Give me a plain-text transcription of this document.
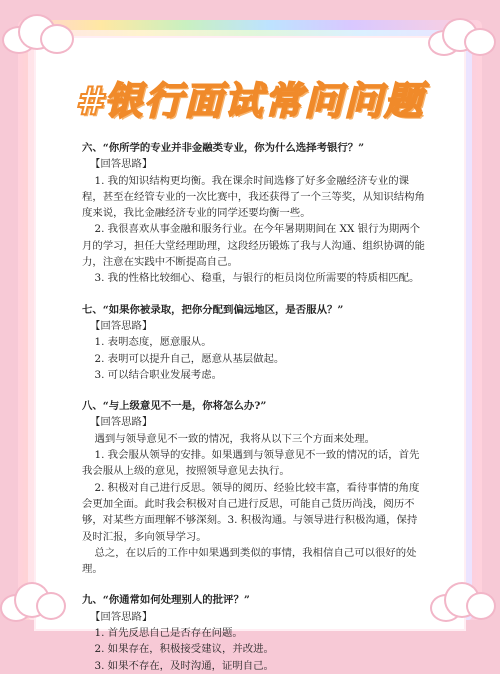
#银行面试常问问题

六、“你所学的专业并非金融类专业，你为什么选择考银行？”

【回答思路】

1. 我的知识结构更均衡。我在课余时间选修了好多金融经济专业的课程，甚至在经管专业的一次比赛中，我还获得了一个三等奖，从知识结构角度来说，我比金融经济专业的同学还要均衡一些。

2. 我很喜欢从事金融和服务行业。在今年暑期期间在 XX 银行为期两个月的学习，担任大堂经理助理，这段经历锻炼了我与人沟通、组织协调的能力，注意在实践中不断提高自己。

3. 我的性格比较细心、稳重，与银行的柜员岗位所需要的特质相匹配。

七、“如果你被录取，把你分配到偏远地区，是否服从？”

【回答思路】

1. 表明态度，愿意服从。

2. 表明可以提升自己，愿意从基层做起。

3. 可以结合职业发展考虑。

八、“与上级意见不一是，你将怎么办?”

【回答思路】

遇到与领导意见不一致的情况，我将从以下三个方面来处理。

1. 我会服从领导的安排。如果遇到与领导意见不一致的情况的话，首先我会服从上级的意见，按照领导意见去执行。

2. 积极对自己进行反思。领导的阅历、经验比较丰富，看待事情的角度会更加全面。此时我会积极对自己进行反思，可能自己货历尚浅，阅历不够，对某些方面理解不够深刻。3. 积极沟通。与领导进行积极沟通，保持及时汇报，多向领导学习。

总之，在以后的工作中如果遇到类似的事情，我相信自己可以很好的处理。

九、“你通常如何处理别人的批评？”

【回答思路】

1. 首先反思自己是否存在问题。

2. 如果存在，积极接受建议，并改进。

3. 如果不存在，及时沟通，证明自己。
